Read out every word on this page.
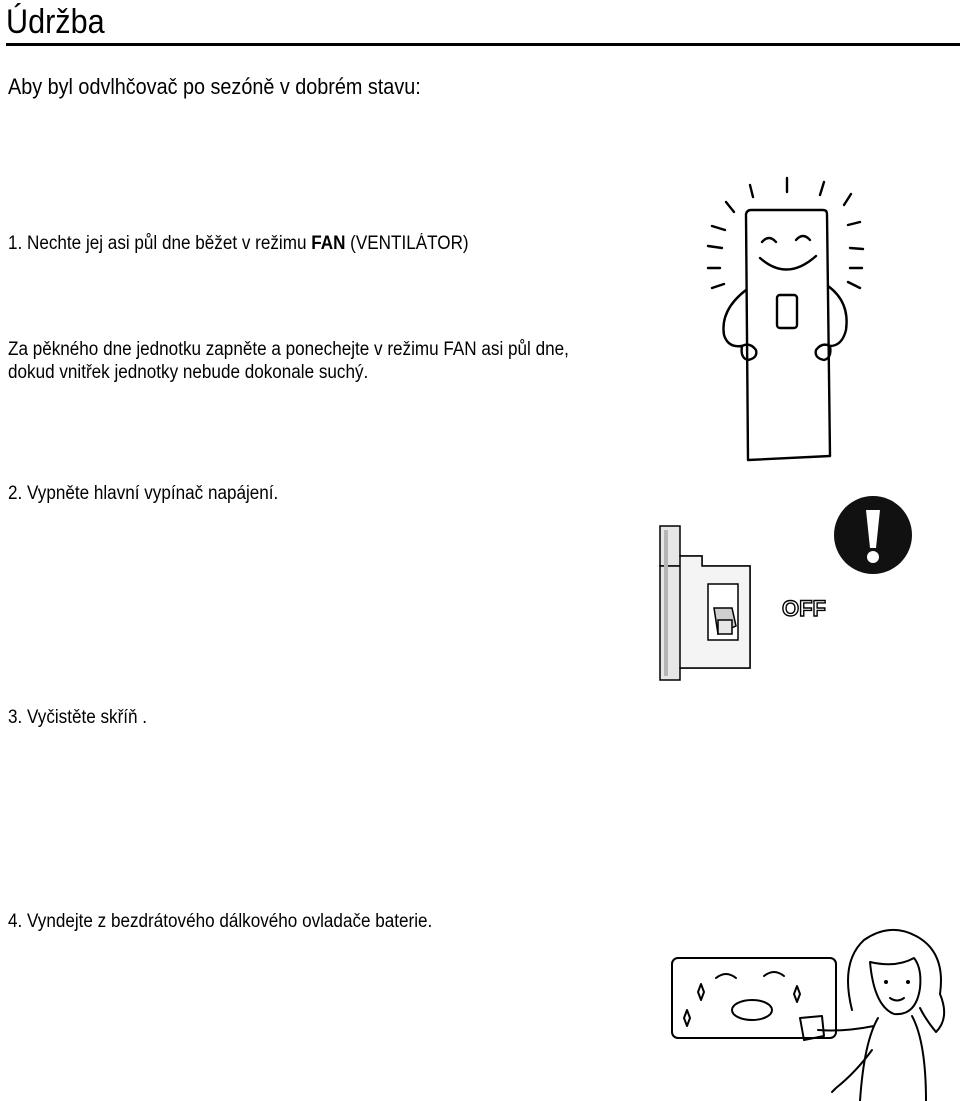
Údržba

Aby byl odvlhčovač po sezóně v dobrém stavu:

1. Nechte jej asi půl dne běžet v režimu FAN (VENTILÁTOR)

Za pěkného dne jednotku zapněte a ponechejte v režimu FAN asi půl dne,
dokud vnitřek jednotky nebude dokonale suchý.

2. Vypněte hlavní vypínač napájení.

3. Vyčistěte skříň .

4. Vyndejte z bezdrátového dálkového ovladače baterie.

OFF
